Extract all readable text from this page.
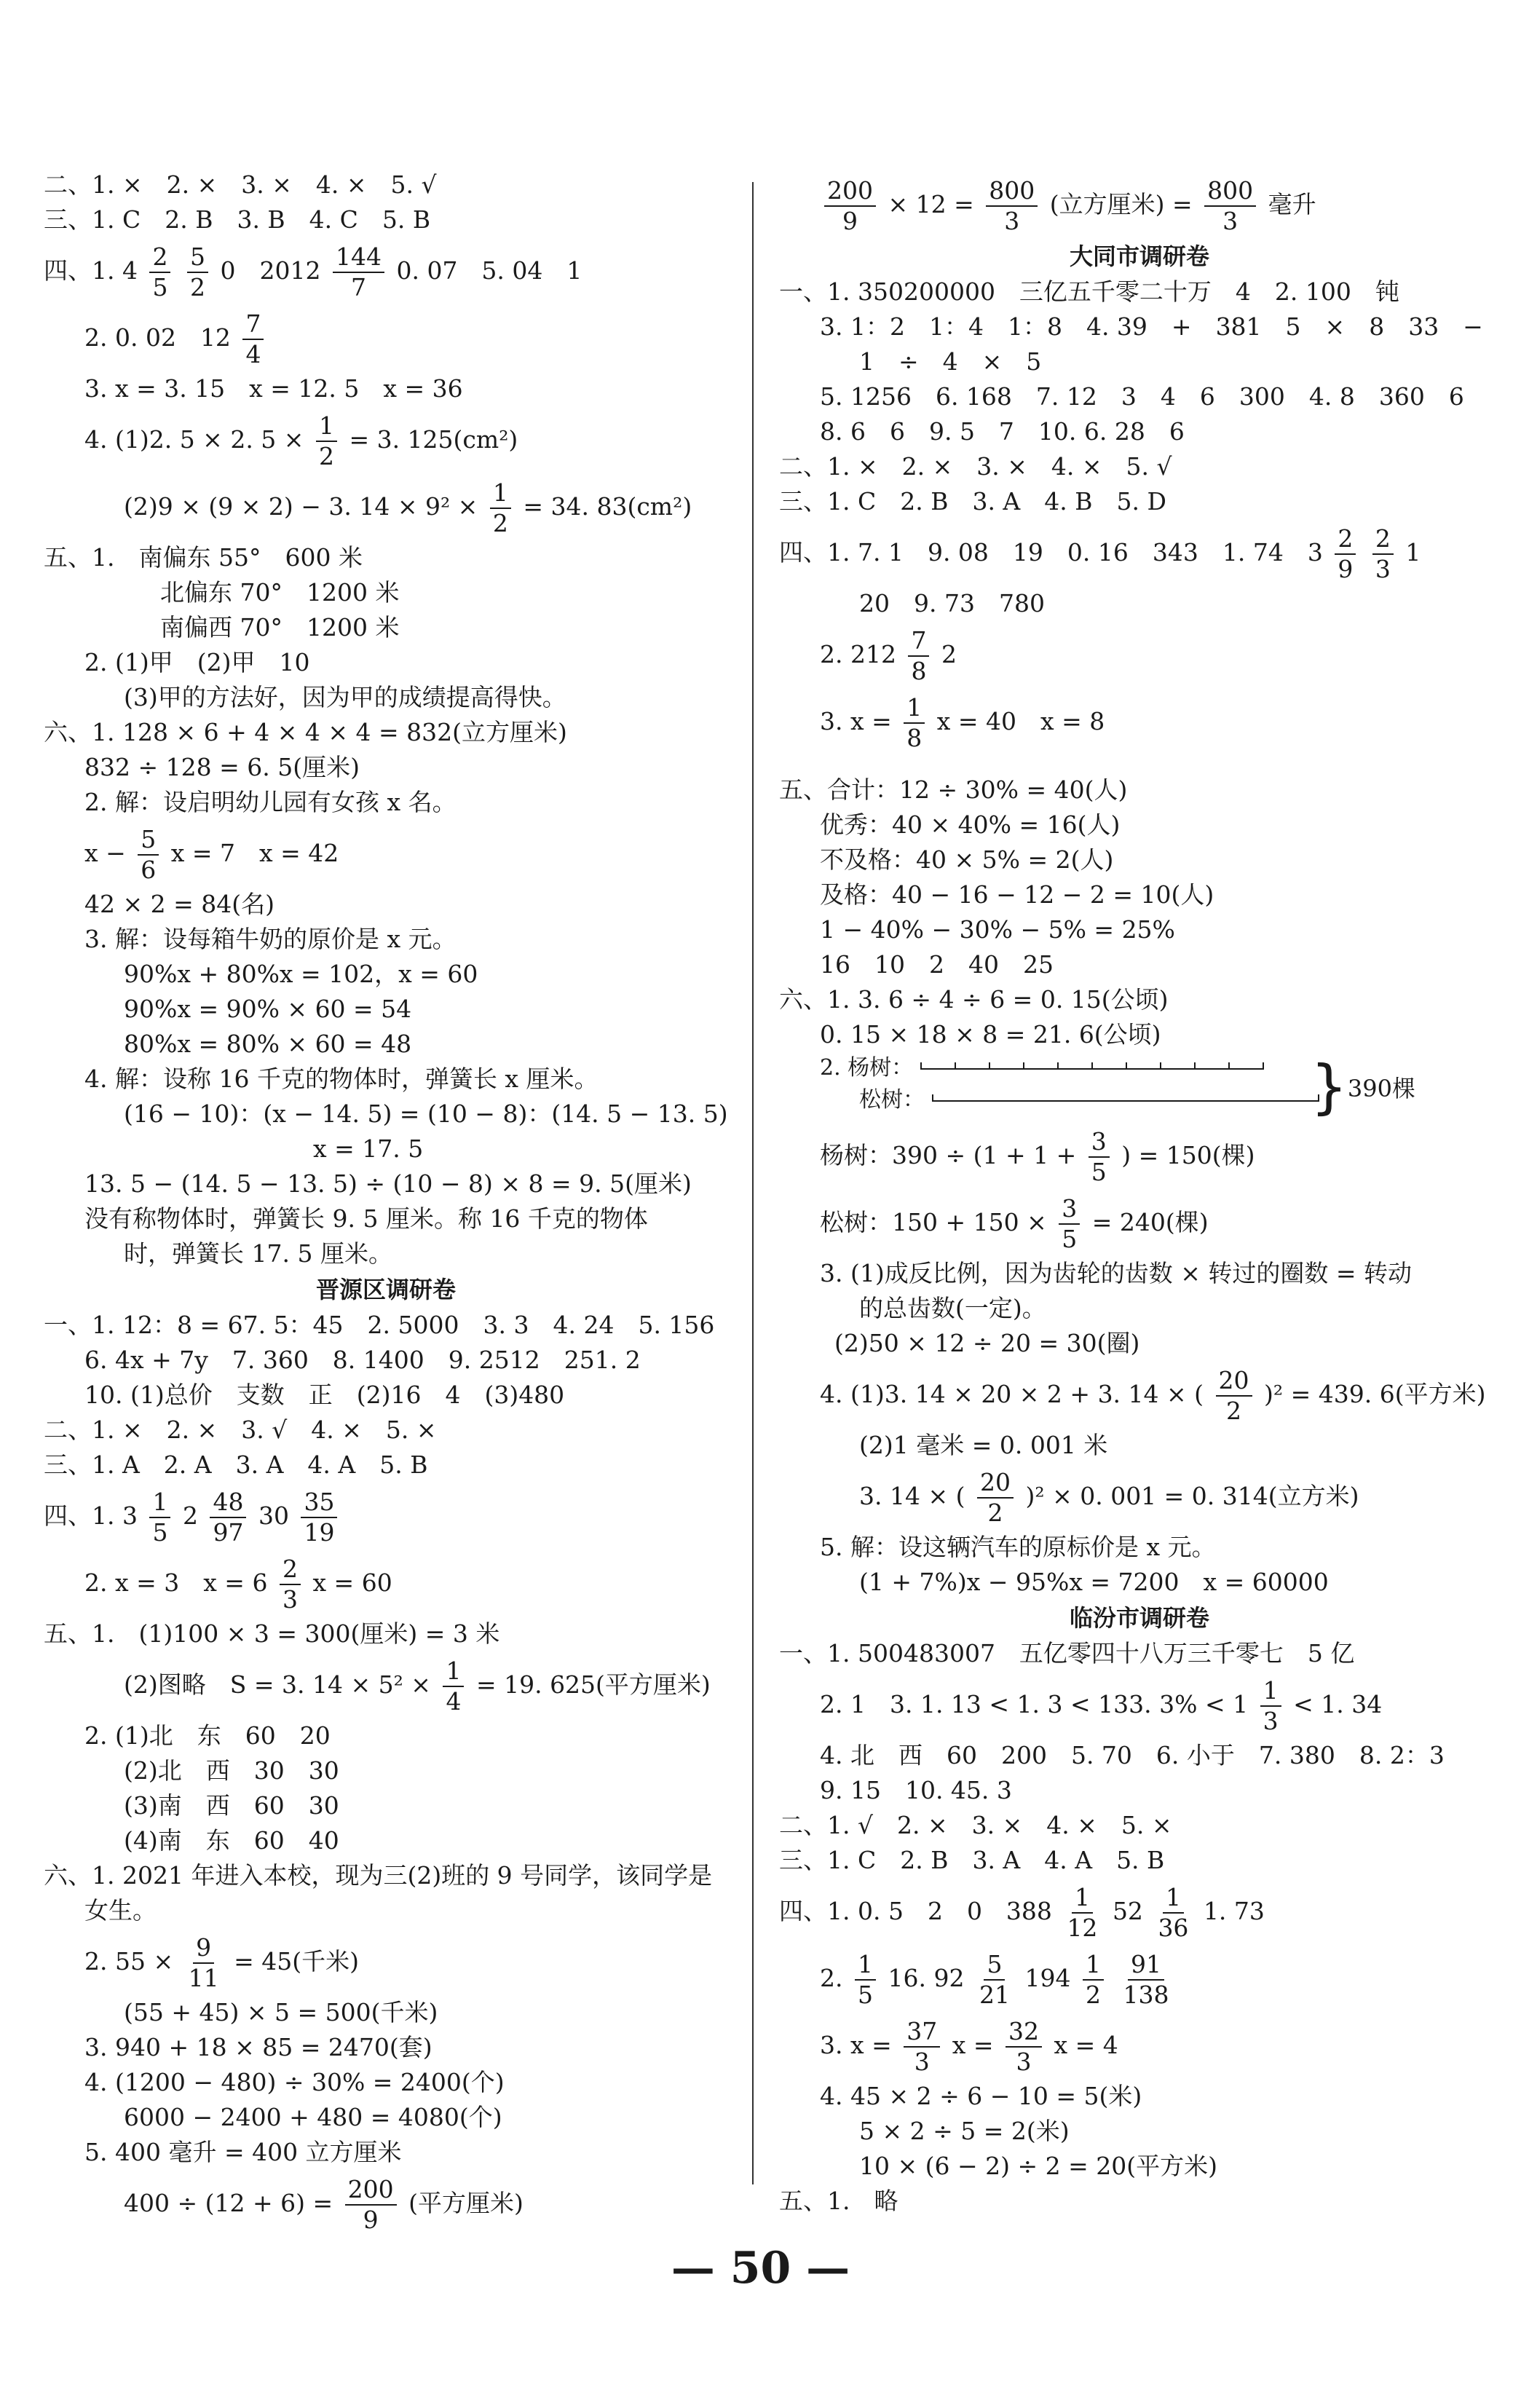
二、1. ×　2. ×　3. ×　4. ×　5. √
三、1. C　2. B　3. B　4. C　5. B
四、1. $4 \frac{2}{5}$
$\frac{5}{2} 0$　$2012 \frac{144}{7} 0$. 07　5. 04　1
2. 0. 02　$12 \frac{7}{4}$
3. x = 3. 15　x = 12. 5　x = 36
4. (1)2. 5 × 2. $5 \times \frac{1}{2} = 3$. 125(cm²)
(2)9 × (9 × 2) − 3. $14 \times 9^2 \times \frac{1}{2} = 34$. 83(cm²)
五、1.　南偏东 55°　600 米
北偏东 70°　1200 米
南偏西 70°　1200 米
2. (1)甲　(2)甲　10
(3)甲的方法好，因为甲的成绩提高得快。
六、1. 128 × 6 + 4 × 4 × 4 = 832(立方厘米)
832 ÷ 128 = 6. 5(厘米)
2. 解：设启明幼儿园有女孩 x 名。
$x - \frac{5}{6}$ x = 7　x = 42
42 × 2 = 84(名)
3. 解：设每箱牛奶的原价是 x 元。
90%x + 80%x = 102，x = 60
90%x = 90% × 60 = 54
80%x = 80% × 60 = 48
4. 解：设称 16 千克的物体时，弹簧长 x 厘米。
(16 − 10)：(x − 14. 5) = (10 − 8)：(14. 5 − 13. 5)
x = 17. 5
13. 5 − (14. 5 − 13. 5) ÷ (10 − 8) × 8 = 9. 5(厘米)
没有称物体时，弹簧长 9. 5 厘米。称 16 千克的物体
时，弹簧长 17. 5 厘米。
晋源区调研卷
一、1. 12：8 = 67. 5：45　2. 5000　3. 3　4. 24　5. 156
6. 4x + 7y　7. 360　8. 1400　9. 2512　251. 2
10. (1)总价　支数　正　(2)16　4　(3)480
二、1. ×　2. ×　3. √　4. ×　5. ×
三、1. A　2. A　3. A　4. A　5. B
四、1. $3 \frac{1}{5} 2 \frac{48}{97} 30 \frac{35}{19}$
2. x = 3　$x = 6 \frac{2}{3}$ x = 60
五、1.　(1)100 × 3 = 300(厘米) = 3 米
(2)图略　S = 3. $14 \times 5^2 \times \frac{1}{4} = 19$. 625(平方厘米)
2. (1)北　东　60　20
(2)北　西　30　30
(3)南　西　60　30
(4)南　东　60　40
六、1. 2021 年进入本校，现为三(2)班的 9 号同学，该同学是
女生。
2. $55 \times \frac{9}{11} = 45$(千米)
(55 + 45) × 5 = 500(千米)
3. 940 + 18 × 85 = 2470(套)
4. (1200 − 480) ÷ 30% = 2400(个)
6000 − 2400 + 480 = 4080(个)
5. 400 毫升 = 400 立方厘米
$400 \div (12 + 6) = \frac{200}{9}$ (平方厘米)
$\frac{200}{9} \times 12 = \frac{800}{3}$ (立方厘米) = $\frac{800}{3}$ 毫升
大同市调研卷
一、1. 350200000　三亿五千零二十万　4　2. 100　钝
3. 1：2　1：4　1：8　4. 39　+　381　5　×　8　33　−
1　÷　4　×　5
5. 1256　6. 168　7. 12　3　4　6　300　4. 8　360　6
8. 6　6　9. 5　7　10. 6. 28　6
二、1. ×　2. ×　3. ×　4. ×　5. √
三、1. C　2. B　3. A　4. B　5. D
四、1. 7. 1　9. 08　19　0. 16　343　1. 74　$3 \frac{2}{9}$
$\frac{2}{3} 1$
20　9. 73　780
2. $212 \frac{7}{8} 2$
3. $x = \frac{1}{8}$ x = 40　x = 8
五、合计：12 ÷ 30% = 40(人)
优秀：40 × 40% = 16(人)
不及格：40 × 5% = 2(人)
及格：40 − 16 − 12 − 2 = 10(人)
1 − 40% − 30% − 5% = 25%
16　10　2　40　25
六、1. 3. 6 ÷ 4 ÷ 6 = 0. 15(公顷)
0. 15 × 18 × 8 = 21. 6(公顷)
2. 杨树：
松树：	} 390棵
杨树：$390 \div (1 + 1 + \frac{3}{5}$ ) = 150(棵)
松树：$150 + 150 \times \frac{3}{5} = 240$(棵)
3. (1)成反比例，因为齿轮的齿数 × 转过的圈数 = 转动
的总齿数(一定)。
(2)50 × 12 ÷ 20 = 30(圈)
4. (1)3. 14 × 20 × 2 + 3. 14 × ( $\frac{20}{2} )^2 = 439$. 6(平方米)
(2)1 毫米 = 0. 001 米
3. 14 × ( $\frac{20}{2} )^2 \times 0$. 001 = 0. 314(立方米)
5. 解：设这辆汽车的原标价是 x 元。
(1 + 7%)x − 95%x = 7200　x = 60000
临汾市调研卷
一、1. 500483007　五亿零四十八万三千零七　5 亿
2. 1　3. 1. 13 < 1. 3 < 133. $3\% < 1 \frac{1}{3} < 1$. 34
4. 北　西　60　200　5. 70　6. 小于　7. 380　8. 2：3
9. 15　10. 45. 3
二、1. √　2. ×　3. ×　4. ×　5. ×
三、1. C　2. B　3. A　4. A　5. B
四、1. 0. 5　2　0　$388 \frac{1}{12} 52 \frac{1}{36} 1$. 73
2. $\frac{1}{5} 16$. $92 \frac{5}{21} 194 \frac{1}{2}$
$\frac{91}{138}$
3. $x = \frac{37}{3}$ $x = \frac{32}{3}$ x = 4
4. 45 × 2 ÷ 6 − 10 = 5(米)
5 × 2 ÷ 5 = 2(米)
10 × (6 − 2) ÷ 2 = 20(平方米)
五、1.　略
— 50 —
